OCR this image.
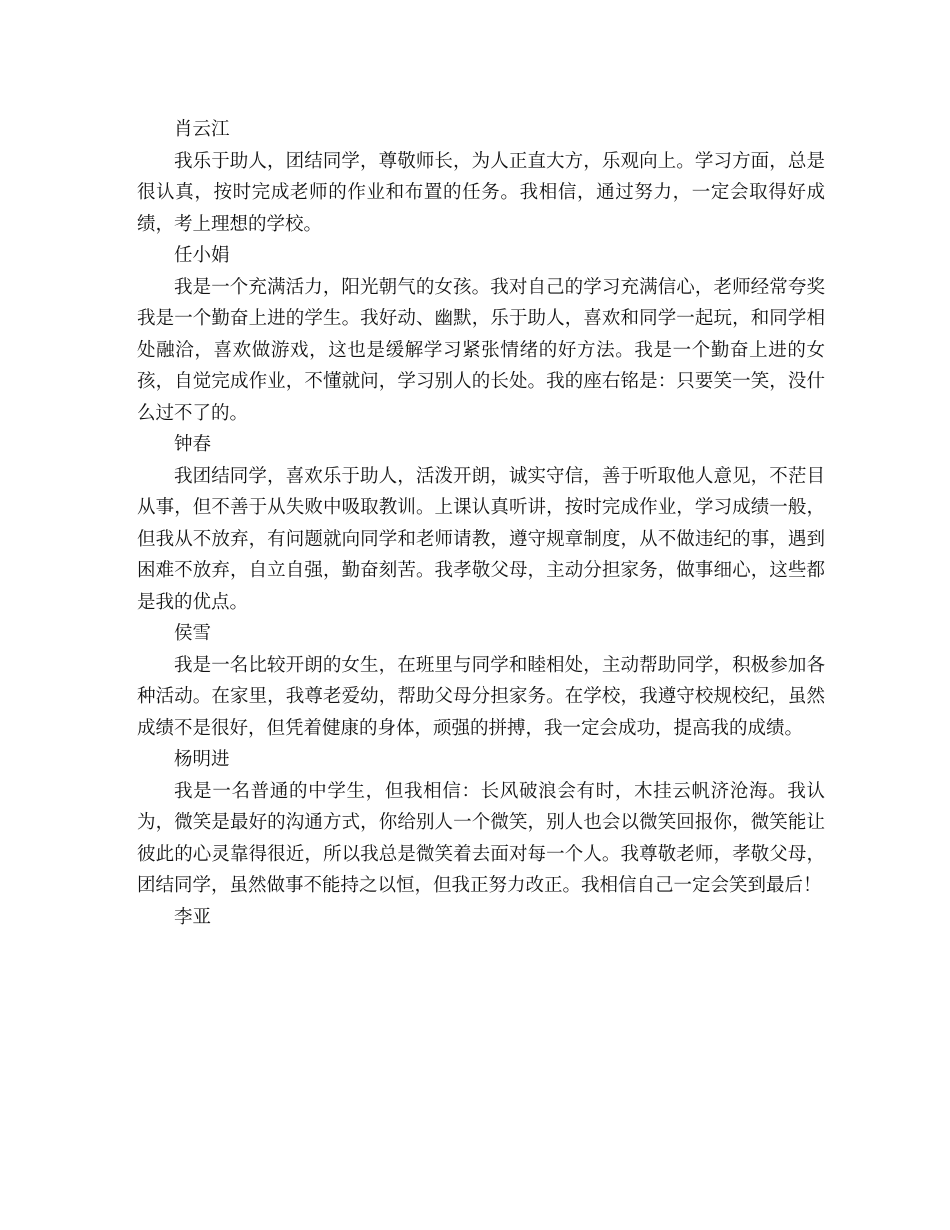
肖云江

我乐于助人，团结同学，尊敬师长，为人正直大方，乐观向上。学习方面，总是很认真，按时完成老师的作业和布置的任务。我相信，通过努力，一定会取得好成绩，考上理想的学校。

任小娟

我是一个充满活力，阳光朝气的女孩。我对自己的学习充满信心，老师经常夸奖我是一个勤奋上进的学生。我好动、幽默，乐于助人，喜欢和同学一起玩，和同学相处融洽，喜欢做游戏，这也是缓解学习紧张情绪的好方法。我是一个勤奋上进的女孩，自觉完成作业，不懂就问，学习别人的长处。我的座右铭是：只要笑一笑，没什么过不了的。

钟春

我团结同学，喜欢乐于助人，活泼开朗，诚实守信，善于听取他人意见，不茫目从事，但不善于从失败中吸取教训。上课认真听讲，按时完成作业，学习成绩一般，但我从不放弃，有问题就向同学和老师请教，遵守规章制度，从不做违纪的事，遇到困难不放弃，自立自强，勤奋刻苦。我孝敬父母，主动分担家务，做事细心，这些都是我的优点。

侯雪

我是一名比较开朗的女生，在班里与同学和睦相处，主动帮助同学，积极参加各种活动。在家里，我尊老爱幼，帮助父母分担家务。在学校，我遵守校规校纪，虽然成绩不是很好，但凭着健康的身体，顽强的拼搏，我一定会成功，提高我的成绩。

杨明进

我是一名普通的中学生，但我相信：长风破浪会有时，木挂云帆济沧海。我认为，微笑是最好的沟通方式，你给别人一个微笑，别人也会以微笑回报你，微笑能让彼此的心灵靠得很近，所以我总是微笑着去面对每一个人。我尊敬老师，孝敬父母，团结同学，虽然做事不能持之以恒，但我正努力改正。我相信自己一定会笑到最后！

李亚
